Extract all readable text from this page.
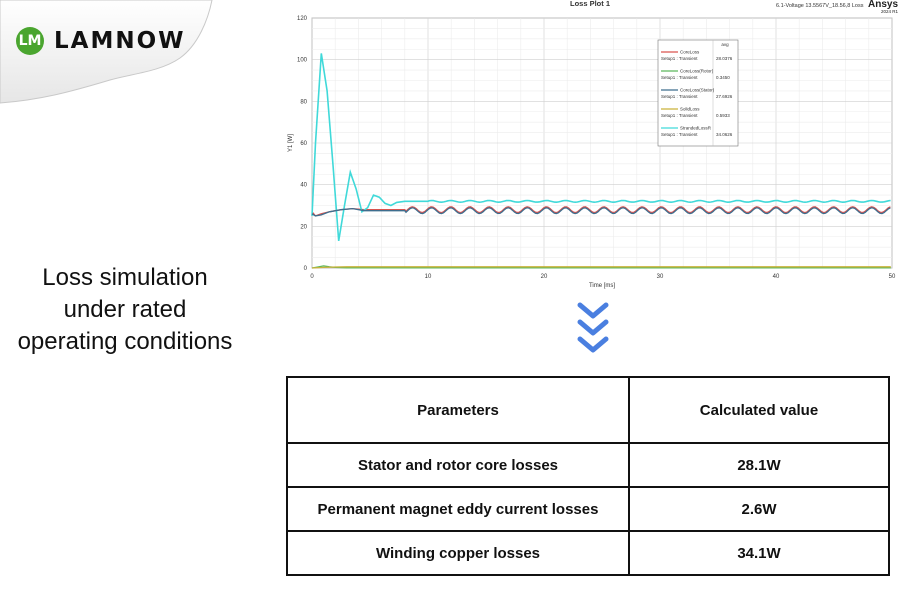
LM LAMNOW
Loss simulation
under rated
operating conditions
0	10	20	30	40	50
0
20
40
60
80
100
120
Time [ms]
Y1 [W]
Loss Plot 1	6.1-Voltage 13.5567V_18.56,8 Loss Ansys
2024 R1
avg
CoreLoss
Setup1 : Transient	28.0376
CoreLoss(Rotor)
Setup1 : Transient	0.3450
CoreLoss(Stator)
Setup1 : Transient	27.6926
SolidLoss
Setup1 : Transient	0.5933
StrandedLossR
Setup1 : Transient	34.0626
Parameters	Calculated value
Stator and rotor core losses	28.1W
Permanent magnet eddy current losses	2.6W
Winding copper losses	34.1W
